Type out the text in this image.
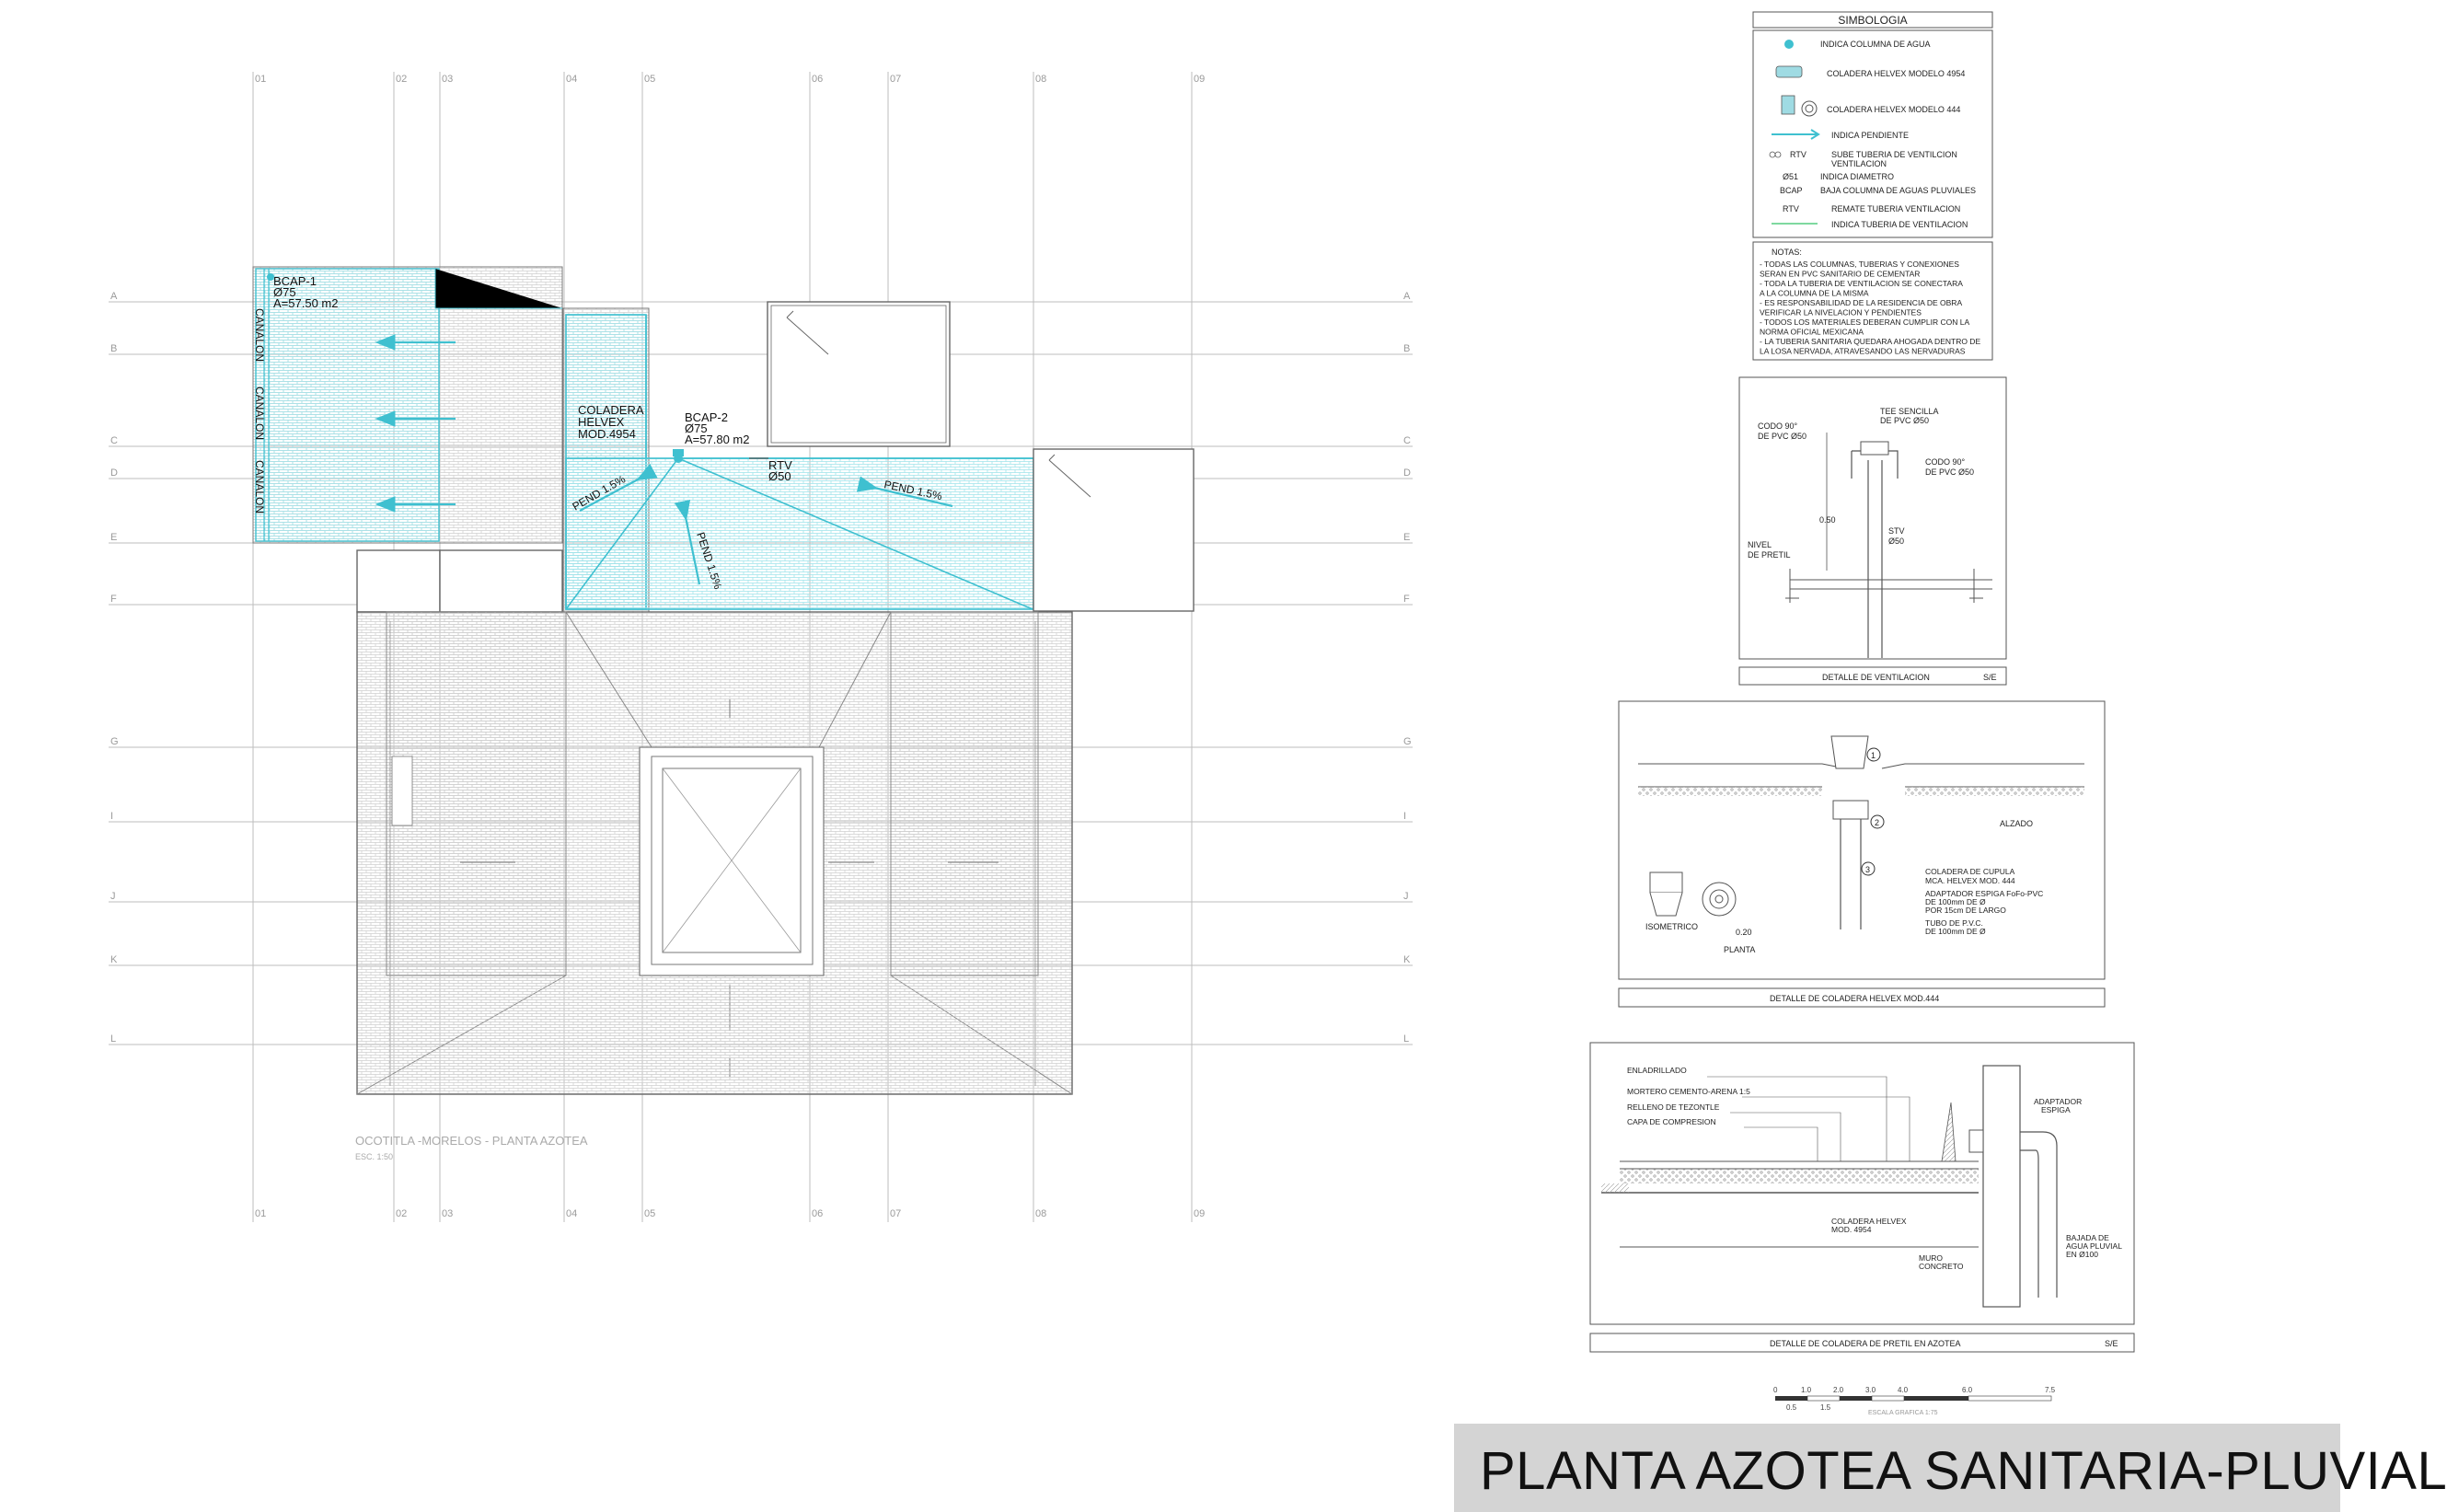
01
01
02
02
03
03
04
04
05
05
06
06
07
07
08
08
09
09
A	A
B	B
C	C
D	D
E	E
F	F
G	G
I	I
J	J
K	K
L	L
BCAP-1
Ø75
A=57.50 m2
CANALON
CANALON
CANALON
COLADERA
HELVEX
MOD.4954
BCAP-2
Ø75
A=57.80 m2
RTV
Ø50
PEND 1.5%
PEND 1.5%
PEND 1.5%
OCOTITLA -MORELOS - PLANTA AZOTEA
ESC. 1:50
SIMBOLOGIA
INDICA COLUMNA DE AGUA
COLADERA HELVEX MODELO 4954
COLADERA HELVEX MODELO 444
INDICA PENDIENTE
RTV	SUBE TUBERIA DE VENTILCION
VENTILACION
Ø51	INDICA DIAMETRO
BCAP BAJA COLUMNA DE AGUAS PLUVIALES
RTV	REMATE TUBERIA VENTILACION
INDICA TUBERIA DE VENTILACION
NOTAS:
- TODAS LAS COLUMNAS, TUBERIAS Y CONEXIONES
SERAN EN PVC SANITARIO DE CEMENTAR
- TODA LA TUBERIA DE VENTILACION SE CONECTARA
A LA COLUMNA DE LA MISMA
- ES RESPONSABILIDAD DE LA RESIDENCIA DE OBRA
VERIFICAR LA NIVELACION Y PENDIENTES
- TODOS LOS MATERIALES DEBERAN CUMPLIR CON LA
NORMA OFICIAL MEXICANA
- LA TUBERIA SANITARIA QUEDARA AHOGADA DENTRO DE
LA LOSA NERVADA, ATRAVESANDO LAS NERVADURAS
TEE SENCILLA
DE PVC Ø50
CODO 90°
DE PVC Ø50
CODO 90°
DE PVC Ø50
0.50
NIVEL
DE PRETIL
STV
Ø50
DETALLE DE VENTILACION	S/E
1
2
3
ALZADO
ISOMETRICO
PLANTA
0.20
COLADERA DE CUPULA
MCA. HELVEX MOD. 444
ADAPTADOR ESPIGA FoFo-PVC
DE 100mm DE Ø
POR 15cm DE LARGO
TUBO DE P.V.C.
DE 100mm DE Ø
DETALLE DE COLADERA HELVEX MOD.444
ENLADRILLADO
MORTERO CEMENTO-ARENA 1:5
RELLENO DE TEZONTLE
CAPA DE COMPRESION
ADAPTADOR
ESPIGA
COLADERA HELVEX
MOD. 4954
MURO
CONCRETO
BAJADA DE
AGUA PLUVIAL
EN Ø100
DETALLE DE COLADERA DE PRETIL EN AZOTEA	S/E
0	1.0	2.0	3.0	4.0	6.0	7.5
0.5	1.5
ESCALA GRAFICA 1:75
PLANTA AZOTEA SANITARIA-PLUVIAL
